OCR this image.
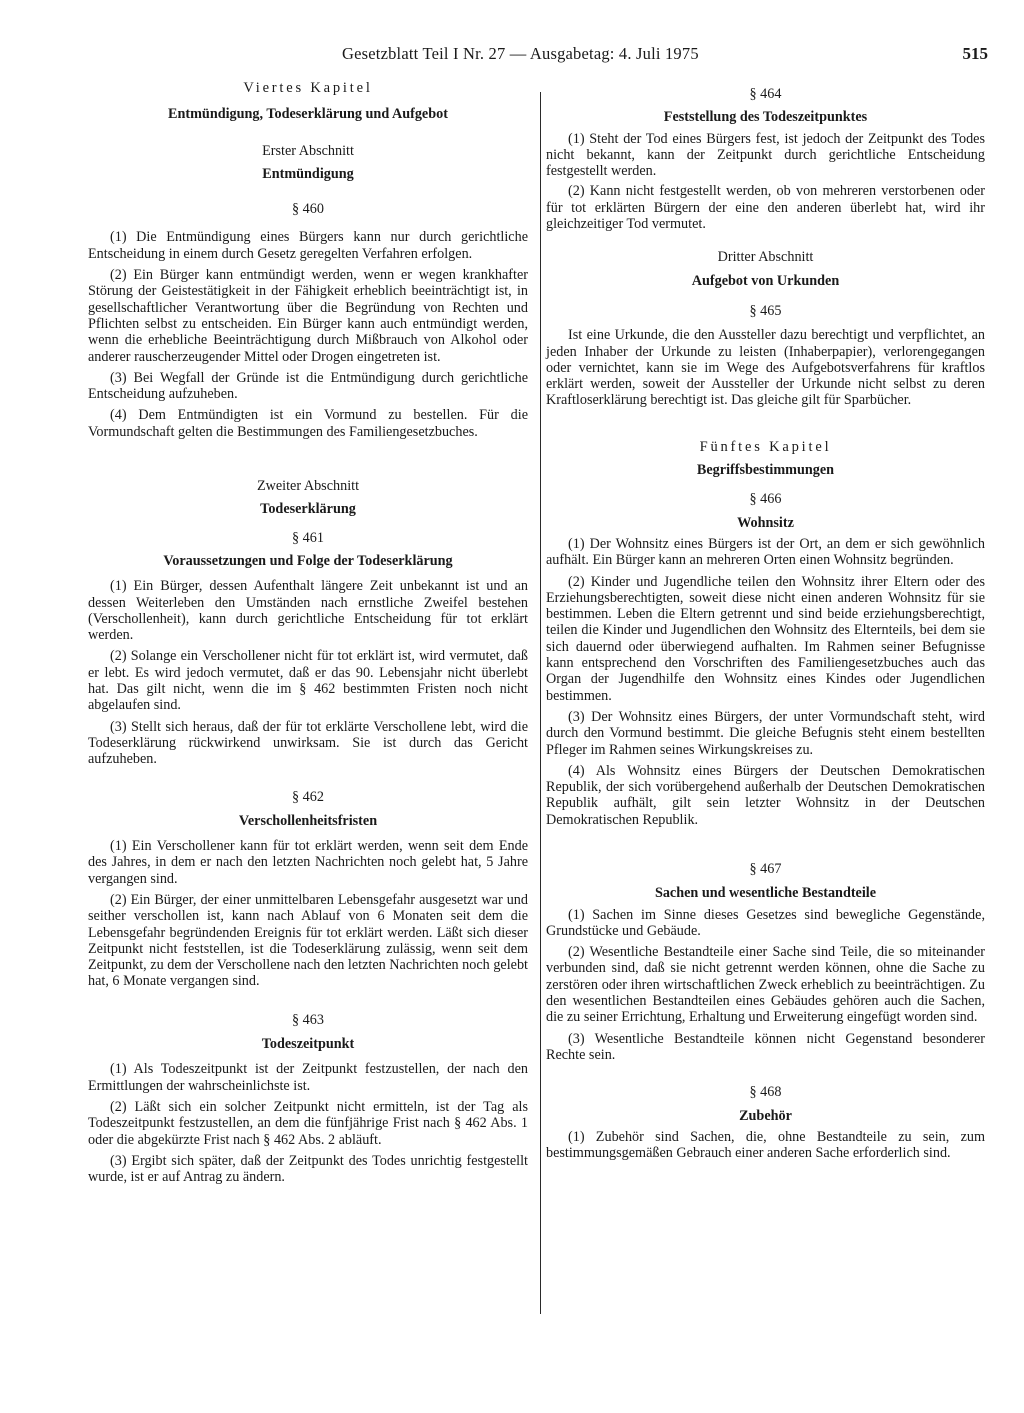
Gesetzblatt Teil I Nr. 27 — Ausgabetag: 4. Juli 1975	515
Viertes Kapitel
Entmündigung, Todeserklärung und Aufgebot
Erster Abschnitt
Entmündigung
§ 460

(1) Die Entmündigung eines Bürgers kann nur durch gerichtliche Entscheidung in einem durch Gesetz geregelten Verfahren erfolgen.

(2) Ein Bürger kann entmündigt werden, wenn er wegen krankhafter Störung der Geistestätigkeit in der Fähigkeit erheblich beeinträchtigt ist, in gesellschaftlicher Verantwortung über die Begründung von Rechten und Pflichten selbst zu entscheiden. Ein Bürger kann auch entmündigt werden, wenn die erhebliche Beeinträchtigung durch Mißbrauch von Alkohol oder anderer rauscherzeugender Mittel oder Drogen eingetreten ist.

(3) Bei Wegfall der Gründe ist die Entmündigung durch gerichtliche Entscheidung aufzuheben.

(4) Dem Entmündigten ist ein Vormund zu bestellen. Für die Vormundschaft gelten die Bestimmungen des Familiengesetzbuches.

Zweiter Abschnitt
Todeserklärung
§ 461
Voraussetzungen und Folge der Todeserklärung

(1) Ein Bürger, dessen Aufenthalt längere Zeit unbekannt ist und an dessen Weiterleben den Umständen nach ernstliche Zweifel bestehen (Verschollenheit), kann durch gerichtliche Entscheidung für tot erklärt werden.

(2) Solange ein Verschollener nicht für tot erklärt ist, wird vermutet, daß er lebt. Es wird jedoch vermutet, daß er das 90. Lebensjahr nicht überlebt hat. Das gilt nicht, wenn die im § 462 bestimmten Fristen noch nicht abgelaufen sind.

(3) Stellt sich heraus, daß der für tot erklärte Verschollene lebt, wird die Todeserklärung rückwirkend unwirksam. Sie ist durch das Gericht aufzuheben.

§ 462
Verschollenheitsfristen

(1) Ein Verschollener kann für tot erklärt werden, wenn seit dem Ende des Jahres, in dem er nach den letzten Nachrichten noch gelebt hat, 5 Jahre vergangen sind.

(2) Ein Bürger, der einer unmittelbaren Lebensgefahr ausgesetzt war und seither verschollen ist, kann nach Ablauf von 6 Monaten seit dem die Lebensgefahr begründenden Ereignis für tot erklärt werden. Läßt sich dieser Zeitpunkt nicht feststellen, ist die Todeserklärung zulässig, wenn seit dem Zeitpunkt, zu dem der Verschollene nach den letzten Nachrichten noch gelebt hat, 6 Monate vergangen sind.

§ 463
Todeszeitpunkt

(1) Als Todeszeitpunkt ist der Zeitpunkt festzustellen, der nach den Ermittlungen der wahrscheinlichste ist.

(2) Läßt sich ein solcher Zeitpunkt nicht ermitteln, ist der Tag als Todeszeitpunkt festzustellen, an dem die fünfjährige Frist nach § 462 Abs. 1 oder die abgekürzte Frist nach § 462 Abs. 2 abläuft.

(3) Ergibt sich später, daß der Zeitpunkt des Todes unrichtig festgestellt wurde, ist er auf Antrag zu ändern.

§ 464
Feststellung des Todeszeitpunktes

(1) Steht der Tod eines Bürgers fest, ist jedoch der Zeitpunkt des Todes nicht bekannt, kann der Zeitpunkt durch gerichtliche Entscheidung festgestellt werden.

(2) Kann nicht festgestellt werden, ob von mehreren verstorbenen oder für tot erklärten Bürgern der eine den anderen überlebt hat, wird ihr gleichzeitiger Tod vermutet.

Dritter Abschnitt
Aufgebot von Urkunden
§ 465

Ist eine Urkunde, die den Aussteller dazu berechtigt und verpflichtet, an jeden Inhaber der Urkunde zu leisten (Inhaberpapier), verlorengegangen oder vernichtet, kann sie im Wege des Aufgebotsverfahrens für kraftlos erklärt werden, soweit der Aussteller der Urkunde nicht selbst zu deren Kraftloserklärung berechtigt ist. Das gleiche gilt für Sparbücher.

Fünftes Kapitel
Begriffsbestimmungen
§ 466
Wohnsitz

(1) Der Wohnsitz eines Bürgers ist der Ort, an dem er sich gewöhnlich aufhält. Ein Bürger kann an mehreren Orten einen Wohnsitz begründen.

(2) Kinder und Jugendliche teilen den Wohnsitz ihrer Eltern oder des Erziehungsberechtigten, soweit diese nicht einen anderen Wohnsitz für sie bestimmen. Leben die Eltern getrennt und sind beide erziehungsberechtigt, teilen die Kinder und Jugendlichen den Wohnsitz des Elternteils, bei dem sie sich dauernd oder überwiegend aufhalten. Im Rahmen seiner Befugnisse kann entsprechend den Vorschriften des Familiengesetzbuches auch das Organ der Jugendhilfe den Wohnsitz eines Kindes oder Jugendlichen bestimmen.

(3) Der Wohnsitz eines Bürgers, der unter Vormundschaft steht, wird durch den Vormund bestimmt. Die gleiche Befugnis steht einem bestellten Pfleger im Rahmen seines Wirkungskreises zu.

(4) Als Wohnsitz eines Bürgers der Deutschen Demokratischen Republik, der sich vorübergehend außerhalb der Deutschen Demokratischen Republik aufhält, gilt sein letzter Wohnsitz in der Deutschen Demokratischen Republik.

§ 467
Sachen und wesentliche Bestandteile

(1) Sachen im Sinne dieses Gesetzes sind bewegliche Gegenstände, Grundstücke und Gebäude.

(2) Wesentliche Bestandteile einer Sache sind Teile, die so miteinander verbunden sind, daß sie nicht getrennt werden können, ohne die Sache zu zerstören oder ihren wirtschaftlichen Zweck erheblich zu beeinträchtigen. Zu den wesentlichen Bestandteilen eines Gebäudes gehören auch die Sachen, die zu seiner Errichtung, Erhaltung und Erweiterung eingefügt worden sind.

(3) Wesentliche Bestandteile können nicht Gegenstand besonderer Rechte sein.

§ 468
Zubehör

(1) Zubehör sind Sachen, die, ohne Bestandteile zu sein, zum bestimmungsgemäßen Gebrauch einer anderen Sache erforderlich sind.
